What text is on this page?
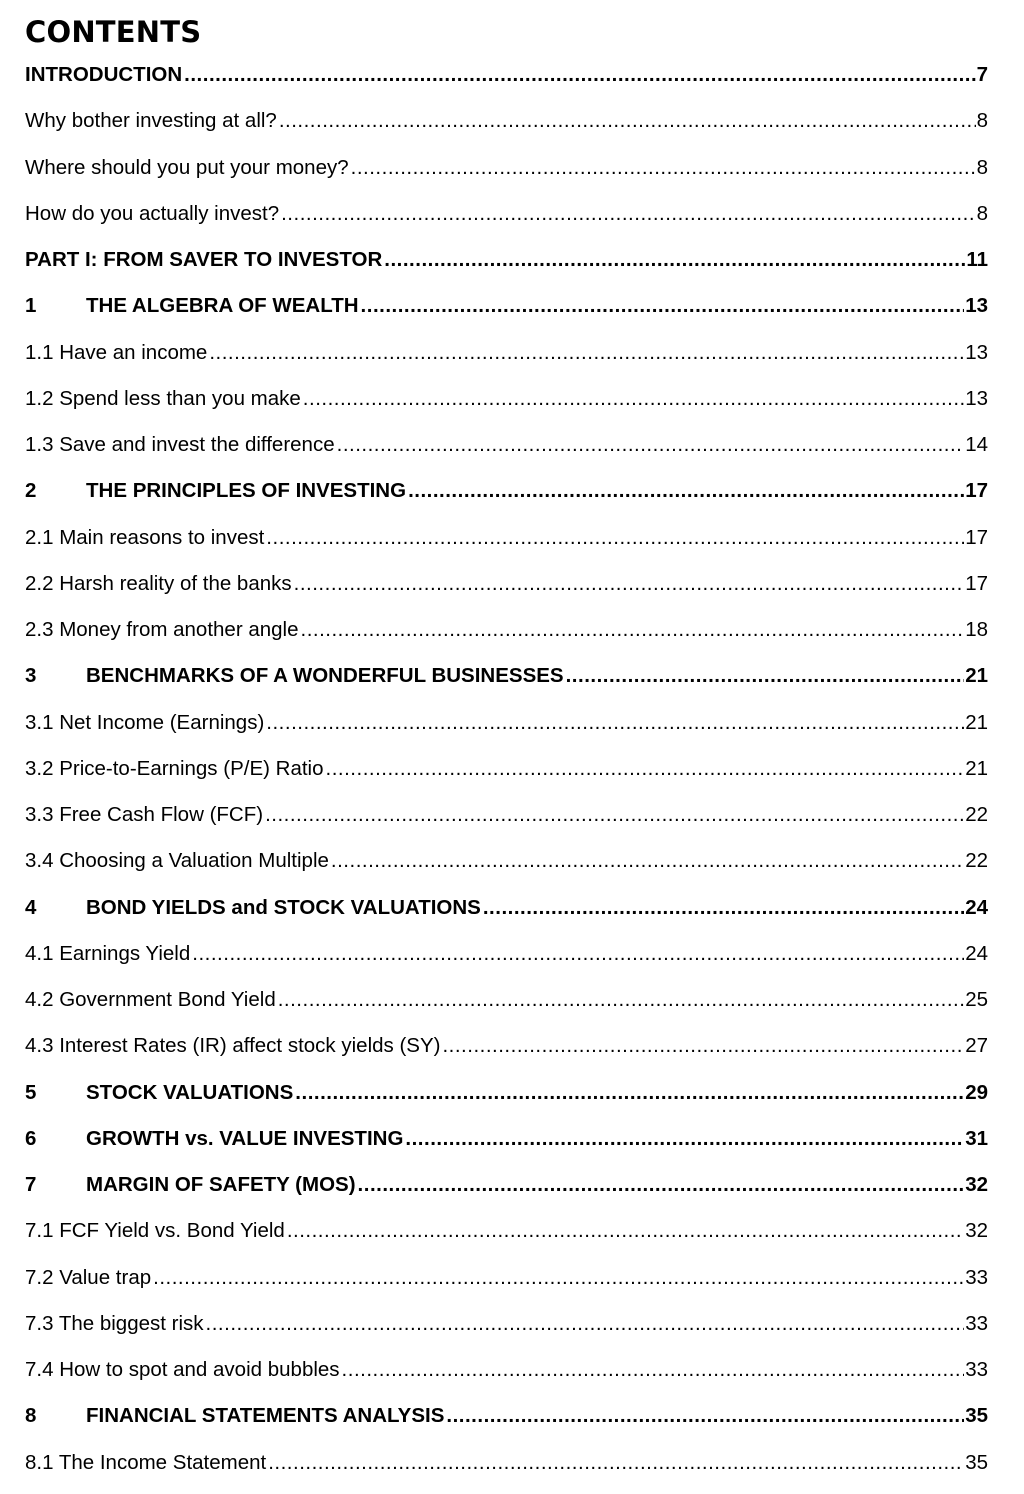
CONTENTS
INTRODUCTION .....	7
Why bother investing at all? .....	8
Where should you put your money? .....	8
How do you actually invest? .....	8
PART I: FROM SAVER TO INVESTOR .....	11
1	THE ALGEBRA OF WEALTH .....	13
1.1 Have an income .....	13
1.2 Spend less than you make .....	13
1.3 Save and invest the difference .....	14
2	THE PRINCIPLES OF INVESTING .....	17
2.1 Main reasons to invest .....	17
2.2 Harsh reality of the banks .....	17
2.3 Money from another angle .....	18
3	BENCHMARKS OF A WONDERFUL BUSINESSES .....	21
3.1 Net Income (Earnings) .....	21
3.2 Price-to-Earnings (P/E) Ratio .....	21
3.3 Free Cash Flow (FCF) .....	22
3.4 Choosing a Valuation Multiple .....	22
4	BOND YIELDS and STOCK VALUATIONS .....	24
4.1 Earnings Yield .....	24
4.2 Government Bond Yield .....	25
4.3 Interest Rates (IR) affect stock yields (SY) .....	27
5	STOCK VALUATIONS .....	29
6	GROWTH vs. VALUE INVESTING .....	31
7	MARGIN OF SAFETY (MOS) .....	32
7.1 FCF Yield vs. Bond Yield .....	32
7.2 Value trap .....	33
7.3 The biggest risk .....	33
7.4 How to spot and avoid bubbles .....	33
8	FINANCIAL STATEMENTS ANALYSIS .....	35
8.1 The Income Statement .....	35
